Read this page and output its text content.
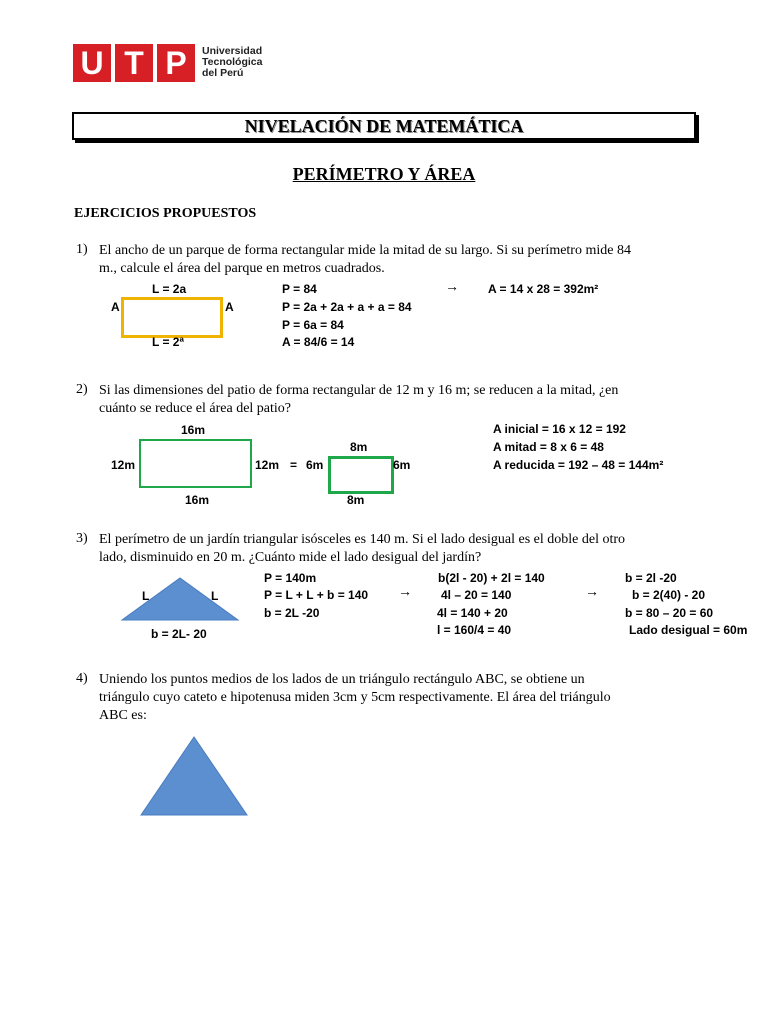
U T P	Universidad
Tecnológica
del Perú
NIVELACIÓN DE MATEMÁTICA
PERÍMETRO Y ÁREA
EJERCICIOS PROPUESTOS
1) El ancho de un parque de forma rectangular mide la mitad de su largo. Si su perímetro mide 84
m., calcule el área del parque en metros cuadrados.
L = 2a
A	A
L = 2ª
P = 84
P = 2a + 2a + a + a = 84
P = 6a = 84
A = 84/6 = 14
→ A = 14 x 28 = 392m²
2) Si las dimensiones del patio de forma rectangular de 12 m y 16 m; se reducen a la mitad, ¿en
cuánto se reduce el área del patio?
16m
12m	12m
16m
=
8m
6m	6m
8m
A inicial = 16 x 12 = 192
A mitad = 8 x 6 = 48
A reducida = 192 – 48 = 144m²
3) El perímetro de un jardín triangular isósceles es 140 m. Si el lado desigual es el doble del otro
lado, disminuido en 20 m. ¿Cuánto mide el lado desigual del jardín?
L	L
b = 2L- 20
P = 140m
P = L + L + b = 140
b = 2L -20
→
b(2l - 20) + 2l = 140
4l – 20 = 140
4l = 140 + 20
l = 160/4 = 40
→
b = 2l -20
b = 2(40) - 20
b = 80 – 20 = 60
Lado desigual = 60m
4) Uniendo los puntos medios de los lados de un triángulo rectángulo ABC, se obtiene un
triángulo cuyo cateto e hipotenusa miden 3cm y 5cm respectivamente. El área del triángulo
ABC es:
